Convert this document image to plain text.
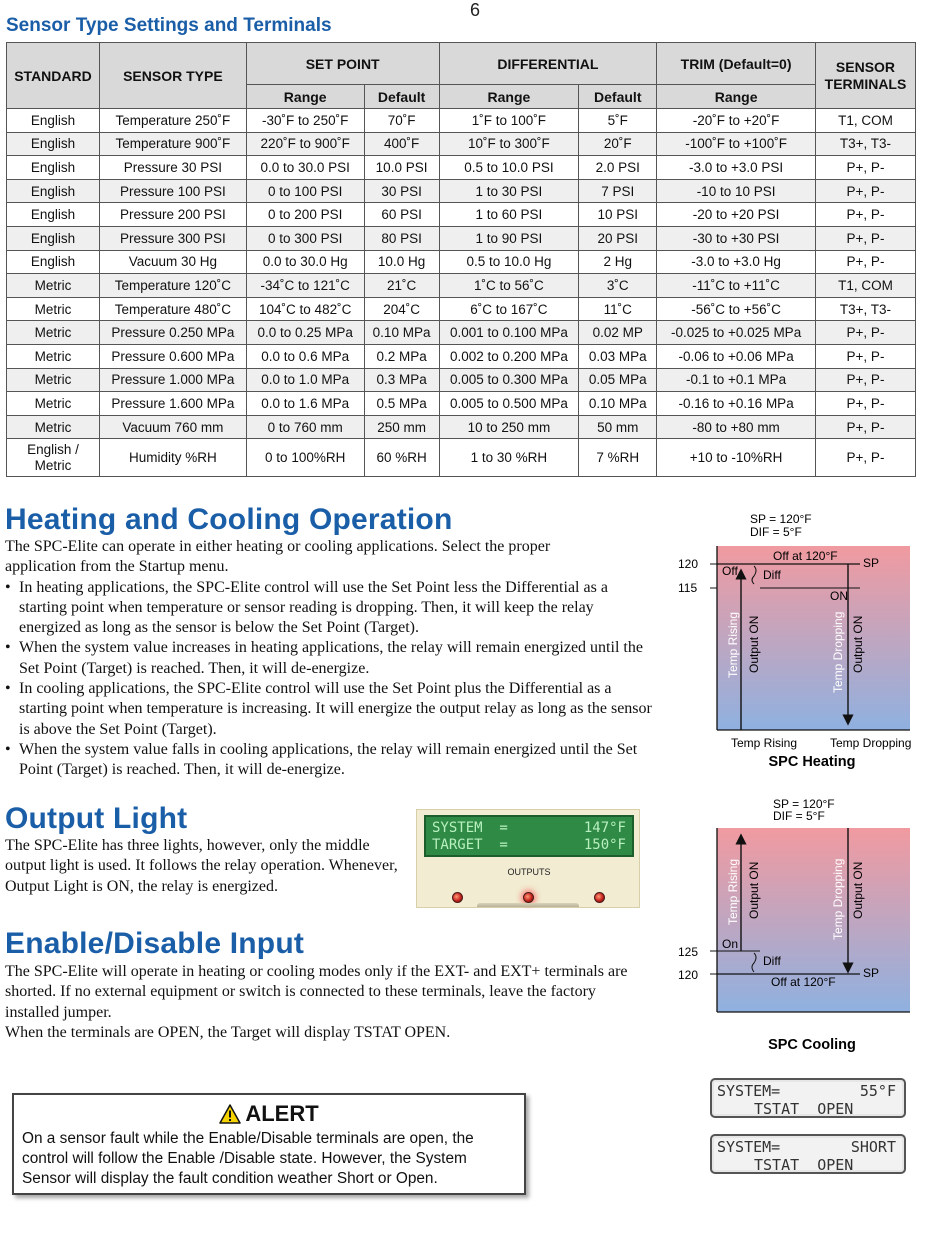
6
Sensor Type Settings and Terminals
STANDARD	SENSOR TYPE	SET POINT		DIFFERENTIAL		TRIM (Default=0)	SENSOR TERMINALS
		Range	Default	Range	Default	Range	
English	Temperature 250˚F	-30˚F to 250˚F	70˚F	1˚F to 100˚F	5˚F	-20˚F to +20˚F	T1, COM
English	Temperature 900˚F	220˚F to 900˚F	400˚F	10˚F to 300˚F	20˚F	-100˚F to +100˚F	T3+, T3-
English	Pressure 30 PSI	0.0 to 30.0 PSI	10.0 PSI	0.5 to 10.0 PSI	2.0 PSI	-3.0 to +3.0 PSI	P+, P-
English	Pressure 100 PSI	0 to 100 PSI	30 PSI	1 to 30 PSI	7 PSI	-10 to 10 PSI	P+, P-
English	Pressure 200 PSI	0 to 200 PSI	60 PSI	1 to 60 PSI	10 PSI	-20 to +20 PSI	P+, P-
English	Pressure 300 PSI	0 to 300 PSI	80 PSI	1 to 90 PSI	20 PSI	-30 to +30 PSI	P+, P-
English	Vacuum 30 Hg	0.0 to 30.0 Hg	10.0 Hg	0.5 to 10.0 Hg	2 Hg	-3.0 to +3.0 Hg	P+, P-
Metric	Temperature 120˚C	-34˚C to 121˚C	21˚C	1˚C to 56˚C	3˚C	-11˚C to +11˚C	T1, COM
Metric	Temperature 480˚C	104˚C to 482˚C	204˚C	6˚C to 167˚C	11˚C	-56˚C to +56˚C	T3+, T3-
Metric	Pressure 0.250 MPa	0.0 to 0.25 MPa	0.10 MPa	0.001 to 0.100 MPa	0.02 MP	-0.025 to +0.025 MPa	P+, P-
Metric	Pressure 0.600 MPa	0.0 to 0.6 MPa	0.2 MPa	0.002 to 0.200 MPa	0.03 MPa	-0.06 to +0.06 MPa	P+, P-
Metric	Pressure 1.000 MPa	0.0 to 1.0 MPa	0.3 MPa	0.005 to 0.300 MPa	0.05 MPa	-0.1 to +0.1 MPa	P+, P-
Metric	Pressure 1.600 MPa	0.0 to 1.6 MPa	0.5 MPa	0.005 to 0.500 MPa	0.10 MPa	-0.16 to +0.16 MPa	P+, P-
Metric	Vacuum 760 mm	0 to 760 mm	250 mm	10 to 250 mm	50 mm	-80 to +80 mm	P+, P-
English /
Metric	Humidity %RH	0 to 100%RH	60 %RH	1 to 30 %RH	7 %RH	+10 to -10%RH	P+, P-
Heating and Cooling Operation

The SPC-Elite can operate in either heating or cooling applications. Select the proper application from the Startup menu.

• In heating applications, the SPC-Elite control will use the Set Point less the Differential as a starting point when temperature or sensor reading is dropping. Then, it will keep the relay energized as long as the sensor is below the Set Point (Target).
• When the system value increases in heating applications, the relay will remain energized until the Set Point (Target) is reached. Then, it will de-energize.
• In cooling applications, the SPC-Elite control will use the Set Point plus the Differential as a starting point when temperature is increasing. It will energize the output relay as long as the sensor is above the Set Point (Target).
• When the system value falls in cooling applications, the relay will remain energized until the Set Point (Target) is reached. Then, it will de-energize.
SP = 120°F
DIF = 5°F
120
115
Off at 120°F SP
Off Diff
ON
Temp Rising Output ON	Temp Dropping Output ON
Temp Rising	Temp Dropping
SPC Heating
Output Light
The SPC-Elite has three lights, however, only the middle output light is used. It follows the relay operation. Whenever, Output Light is ON, the relay is energized.
SYSTEM  =	147°F
TARGET  =	150°F
OUTPUTS
SP = 120°F
DIF = 5°F
125
120
On
Diff
Off at 120°F
SP
Temp Rising Output ON	Temp Dropping Output ON
SPC Cooling
Enable/Disable Input

The SPC-Elite will operate in heating or cooling modes only if the EXT- and EXT+ terminals are shorted. If no external equipment or switch is connected to these terminals, leave the factory installed jumper.

When the terminals are OPEN, the Target will display TSTAT OPEN.

ALERT
On a sensor fault while the Enable/Disable terminals are open, the control will follow the Enable /Disable state. However, the System Sensor will display the fault condition weather Short or Open.
SYSTEM=	55°F
TSTAT  OPEN
SYSTEM=	SHORT
TSTAT  OPEN
